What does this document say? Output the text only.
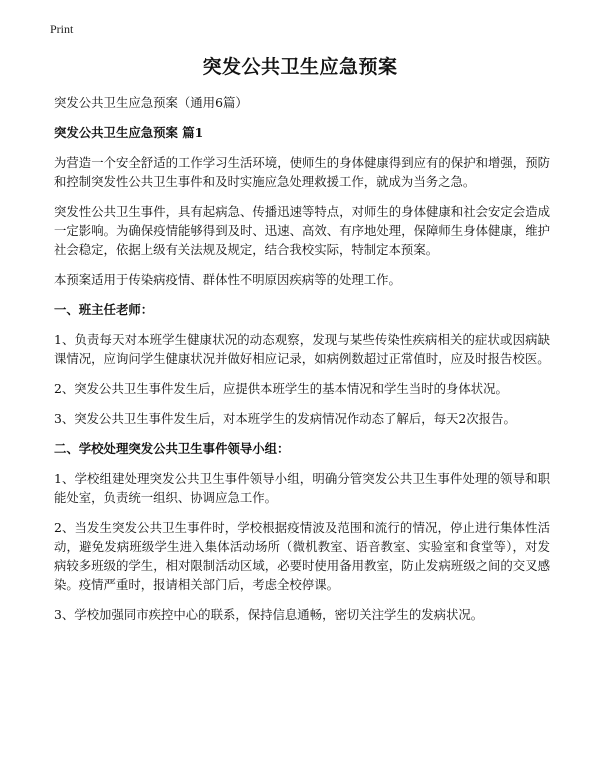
Print
突发公共卫生应急预案

突发公共卫生应急预案（通用6篇）

突发公共卫生应急预案 篇1

为营造一个安全舒适的工作学习生活环境，使师生的身体健康得到应有的保护和增强，预防和控制突发性公共卫生事件和及时实施应急处理救援工作，就成为当务之急。

突发性公共卫生事件，具有起病急、传播迅速等特点，对师生的身体健康和社会安定会造成一定影响。为确保疫情能够得到及时、迅速、高效、有序地处理，保障师生身体健康，维护社会稳定，依据上级有关法规及规定，结合我校实际，特制定本预案。

本预案适用于传染病疫情、群体性不明原因疾病等的处理工作。

一、班主任老师：

1、负责每天对本班学生健康状况的动态观察，发现与某些传染性疾病相关的症状或因病缺课情况，应询问学生健康状况并做好相应记录，如病例数超过正常值时，应及时报告校医。

2、突发公共卫生事件发生后，应提供本班学生的基本情况和学生当时的身体状况。

3、突发公共卫生事件发生后，对本班学生的发病情况作动态了解后，每天2次报告。

二、学校处理突发公共卫生事件领导小组：

1、学校组建处理突发公共卫生事件领导小组，明确分管突发公共卫生事件处理的领导和职能处室，负责统一组织、协调应急工作。

2、当发生突发公共卫生事件时，学校根据疫情波及范围和流行的情况，停止进行集体性活动，避免发病班级学生进入集体活动场所（微机教室、语音教室、实验室和食堂等），对发病较多班级的学生，相对限制活动区域，必要时使用备用教室，防止发病班级之间的交叉感染。疫情严重时，报请相关部门后，考虑全校停课。

3、学校加强同市疾控中心的联系，保持信息通畅，密切关注学生的发病状况。
